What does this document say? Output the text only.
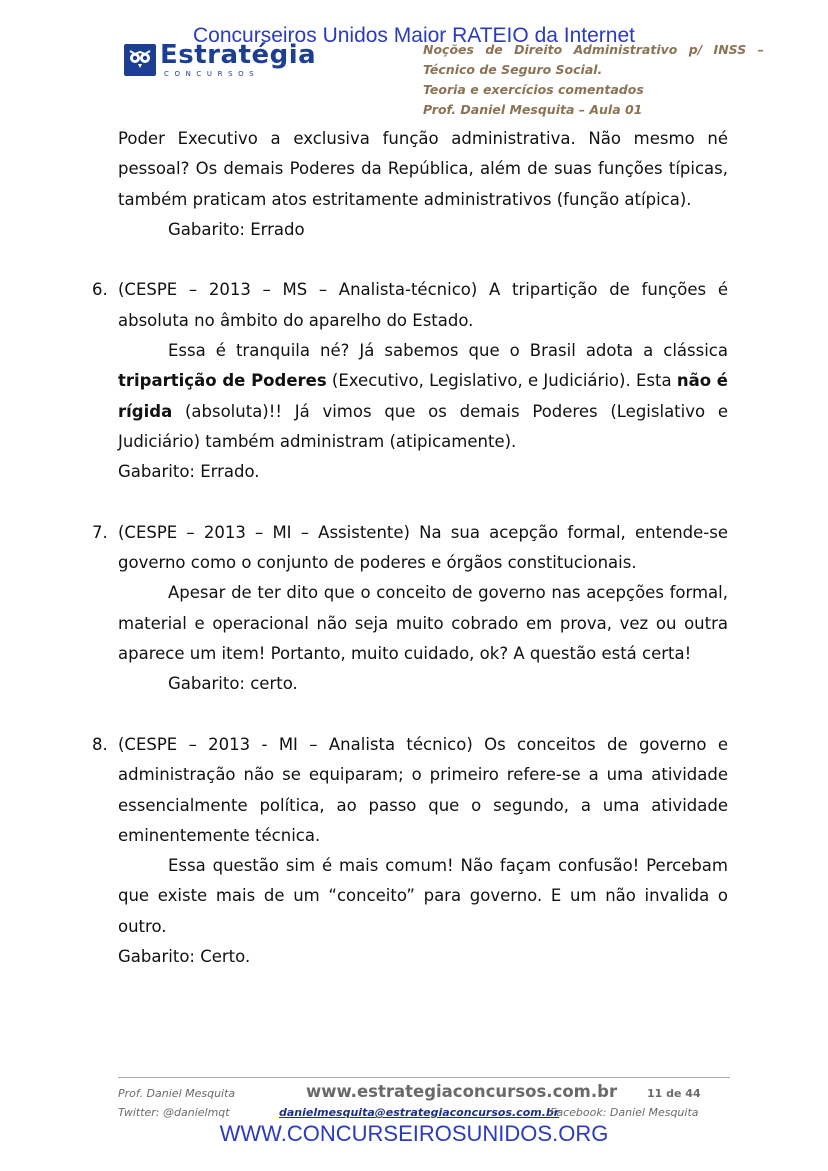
Concurseiros Unidos Maior RATEIO da Internet
Estratégia
CONCURSOS
Noções de Direito Administrativo p/ INSS –
Técnico de Seguro Social.
Teoria e exercícios comentados
Prof. Daniel Mesquita – Aula 01

Poder Executivo a exclusiva função administrativa. Não mesmo né pessoal? Os demais Poderes da República, além de suas funções típicas, também praticam atos estritamente administrativos (função atípica).

Gabarito: Errado

6. (CESPE – 2013 – MS – Analista-técnico) A tripartição de funções é absoluta no âmbito do aparelho do Estado.

Essa é tranquila né? Já sabemos que o Brasil adota a clássica tripartição de Poderes (Executivo, Legislativo, e Judiciário). Esta não é rígida (absoluta)!! Já vimos que os demais Poderes (Legislativo e Judiciário) também administram (atipicamente).

Gabarito: Errado.

7. (CESPE – 2013 – MI – Assistente) Na sua acepção formal, entende-se governo como o conjunto de poderes e órgãos constitucionais.

Apesar de ter dito que o conceito de governo nas acepções formal, material e operacional não seja muito cobrado em prova, vez ou outra aparece um item! Portanto, muito cuidado, ok? A questão está certa!

Gabarito: certo.

8. (CESPE – 2013 - MI – Analista técnico) Os conceitos de governo e administração não se equiparam; o primeiro refere-se a uma atividade essencialmente política, ao passo que o segundo, a uma atividade eminentemente técnica.

Essa questão sim é mais comum! Não façam confusão! Percebam que existe mais de um “conceito” para governo. E um não invalida o outro.

Gabarito: Certo.

Prof. Daniel Mesquita	www.estrategiaconcursos.com.br	11 de 44
Twitter: @danielmqt	danielmesquita@estrategiaconcursos.com.br
Facebook: Daniel Mesquita
WWW.CONCURSEIROSUNIDOS.ORG
